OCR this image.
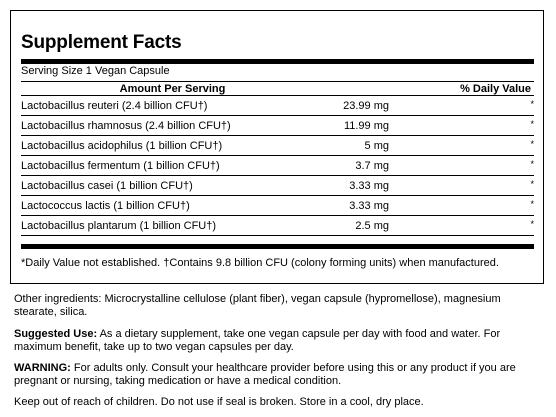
Supplement Facts
Serving Size 1 Vegan Capsule
Amount Per Serving	% Daily Value
Lactobacillus reuteri (2.4 billion CFU†)	23.99 mg	*
Lactobacillus rhamnosus (2.4 billion CFU†)	11.99 mg	*
Lactobacillus acidophilus (1 billion CFU†)	5 mg	*
Lactobacillus fermentum (1 billion CFU†)	3.7 mg	*
Lactobacillus casei (1 billion CFU†)	3.33 mg	*
Lactococcus lactis (1 billion CFU†)	3.33 mg	*
Lactobacillus plantarum (1 billion CFU†)	2.5 mg	*
*Daily Value not established. †Contains 9.8 billion CFU (colony forming units) when manufactured.

Other ingredients: Microcrystalline cellulose (plant fiber), vegan capsule (hypromellose), magnesium stearate, silica.

Suggested Use: As a dietary supplement, take one vegan capsule per day with food and water. For maximum benefit, take up to two vegan capsules per day.

WARNING: For adults only. Consult your healthcare provider before using this or any product if you are pregnant or nursing, taking medication or have a medical condition.

Keep out of reach of children. Do not use if seal is broken. Store in a cool, dry place.
